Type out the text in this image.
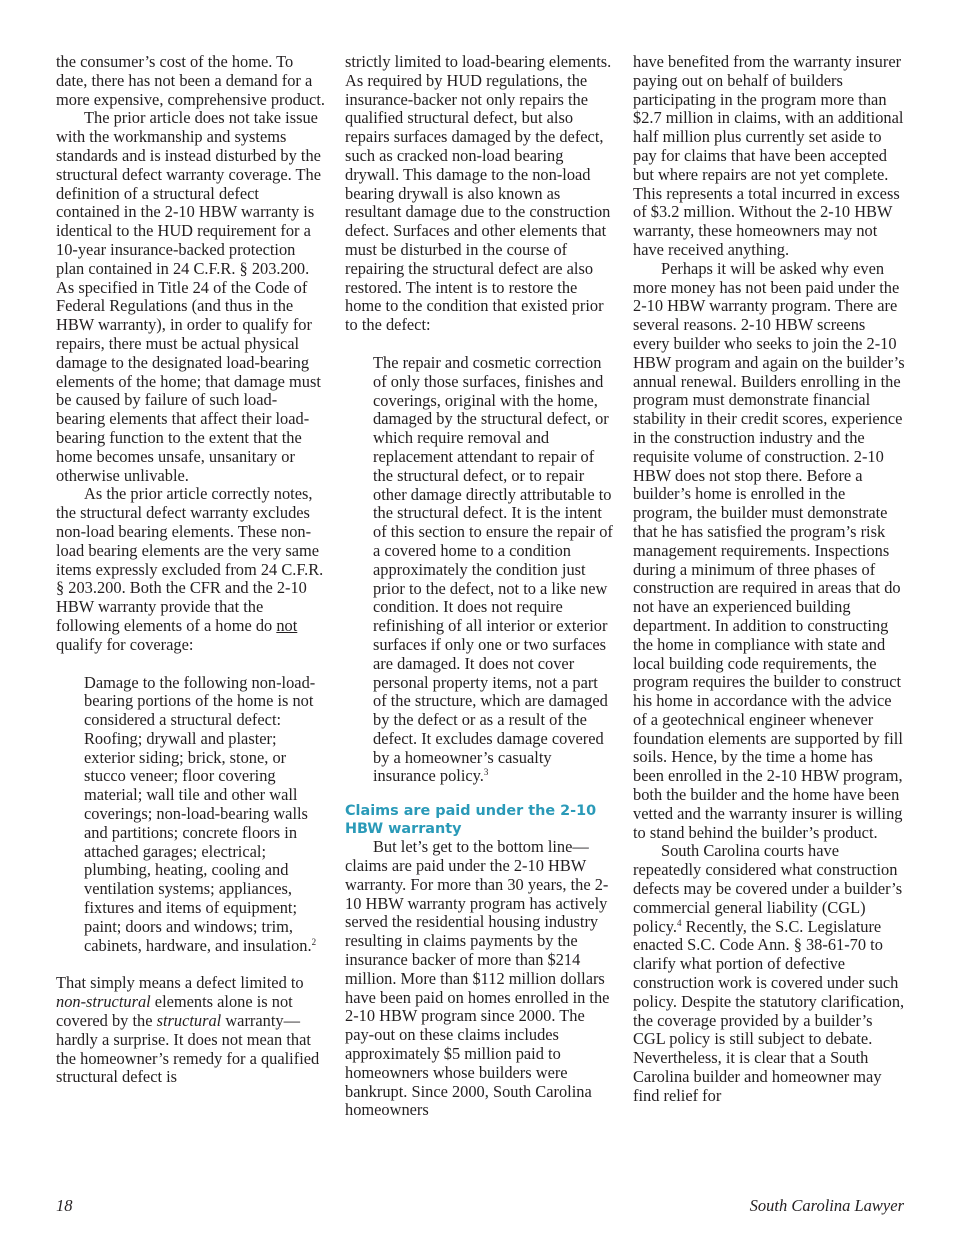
the consumer’s cost of the home. To date, there has not been a demand for a more expensive, comprehensive product.

The prior article does not take issue with the workmanship and systems standards and is instead disturbed by the structural defect warranty coverage. The definition of a structural defect contained in the 2-10 HBW warranty is identical to the HUD requirement for a 10-year insurance-backed protection plan contained in 24 C.F.R. § 203.200. As specified in Title 24 of the Code of Federal Regulations (and thus in the HBW warranty), in order to qualify for repairs, there must be actual physical damage to the designated load-bearing elements of the home; that damage must be caused by failure of such load-bearing elements that affect their load-bearing function to the extent that the home becomes unsafe, unsanitary or otherwise unlivable.

As the prior article correctly notes, the structural defect warranty excludes non-load bearing elements. These non-load bearing elements are the very same items expressly excluded from 24 C.F.R. § 203.200. Both the CFR and the 2-10 HBW warranty provide that the following elements of a home do not qualify for coverage:

Damage to the following non-load-bearing portions of the home is not considered a structural defect: Roofing; drywall and plaster; exterior siding; brick, stone, or stucco veneer; floor covering material; wall tile and other wall coverings; non-load-bearing walls and partitions; concrete floors in attached garages; electrical; plumbing, heating, cooling and ventilation systems; appliances, fixtures and items of equipment; paint; doors and windows; trim, cabinets, hardware, and insulation.$^2$

That simply means a defect limited to non-structural elements alone is not covered by the structural warranty—hardly a surprise. It does not mean that the homeowner’s remedy for a qualified structural defect is

strictly limited to load-bearing elements. As required by HUD regulations, the insurance-backer not only repairs the qualified structural defect, but also repairs surfaces damaged by the defect, such as cracked non-load bearing drywall. This damage to the non-load bearing drywall is also known as resultant damage due to the construction defect. Surfaces and other elements that must be disturbed in the course of repairing the structural defect are also restored. The intent is to restore the home to the condition that existed prior to the defect:

The repair and cosmetic correction of only those surfaces, finishes and coverings, original with the home, damaged by the structural defect, or which require removal and replacement attendant to repair of the structural defect, or to repair other damage directly attributable to the structural defect. It is the intent of this section to ensure the repair of a covered home to a condition approximately the condition just prior to the defect, not to a like new condition. It does not require refinishing of all interior or exterior surfaces if only one or two surfaces are damaged. It does not cover personal property items, not a part of the structure, which are damaged by the defect or as a result of the defect. It excludes damage covered by a homeowner’s casualty insurance policy.$^3$

Claims are paid under the 2-10 HBW warranty

But let’s get to the bottom line—claims are paid under the 2-10 HBW warranty. For more than 30 years, the 2-10 HBW warranty program has actively served the residential housing industry resulting in claims payments by the insurance backer of more than $214 million. More than $112 million dollars have been paid on homes enrolled in the 2-10 HBW program since 2000. The pay-out on these claims includes approximately $5 million paid to homeowners whose builders were bankrupt. Since 2000, South Carolina homeowners

have benefited from the warranty insurer paying out on behalf of builders participating in the program more than $2.7 million in claims, with an additional half million plus currently set aside to pay for claims that have been accepted but where repairs are not yet complete. This represents a total incurred in excess of $3.2 million. Without the 2-10 HBW warranty, these homeowners may not have received anything.

Perhaps it will be asked why even more money has not been paid under the 2-10 HBW warranty program. There are several reasons. 2-10 HBW screens every builder who seeks to join the 2-10 HBW program and again on the builder’s annual renewal. Builders enrolling in the program must demonstrate financial stability in their credit scores, experience in the construction industry and the requisite volume of construction. 2-10 HBW does not stop there. Before a builder’s home is enrolled in the program, the builder must demonstrate that he has satisfied the program’s risk management requirements. Inspections during a minimum of three phases of construction are required in areas that do not have an experienced building department. In addition to constructing the home in compliance with state and local building code requirements, the program requires the builder to construct his home in accordance with the advice of a geotechnical engineer whenever foundation elements are supported by fill soils. Hence, by the time a home has been enrolled in the 2-10 HBW program, both the builder and the home have been vetted and the warranty insurer is willing to stand behind the builder’s product.

South Carolina courts have repeatedly considered what construction defects may be covered under a builder’s commercial general liability (CGL) policy.$^4$ Recently, the S.C. Legislature enacted S.C. Code Ann. § 38-61-70 to clarify what portion of defective construction work is covered under such policy. Despite the statutory clarification, the coverage provided by a builder’s CGL policy is still subject to debate. Nevertheless, it is clear that a South Carolina builder and homeowner may find relief for

18	South Carolina Lawyer
